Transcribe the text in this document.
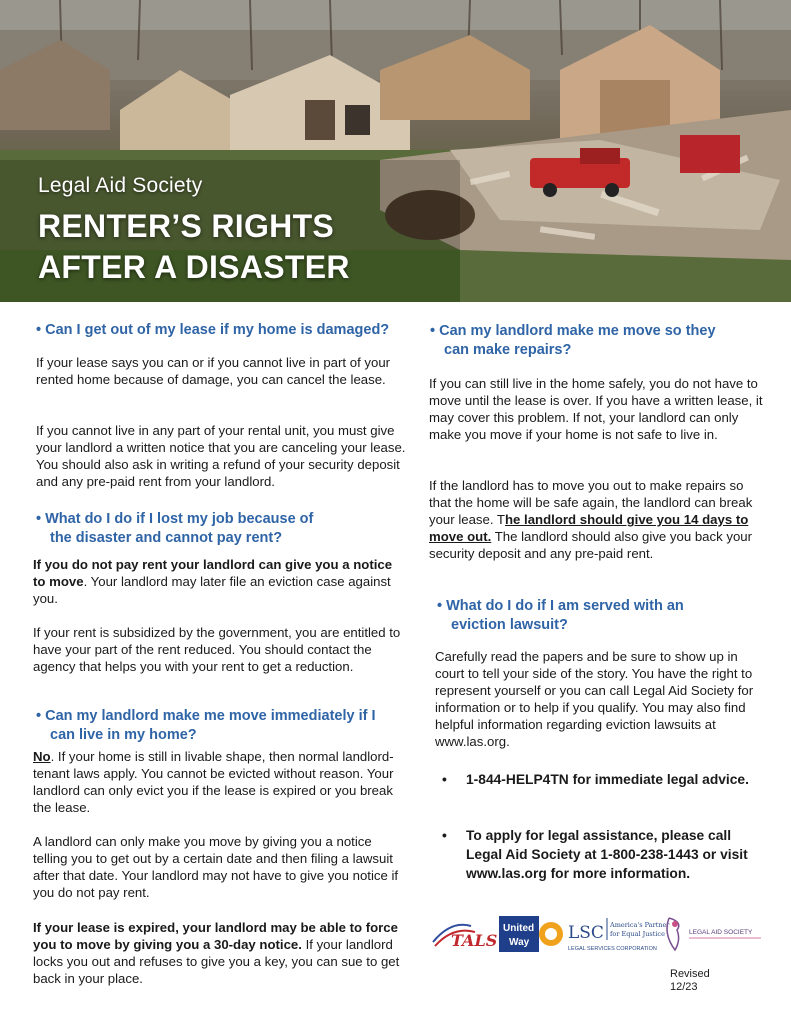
Legal Aid Society
RENTER’S RIGHTS
AFTER A DISASTER
• Can I get out of my lease if my home is damaged?

If your lease says you can or if you cannot live in part of your rented home because of damage, you can cancel the lease.

If you cannot live in any part of your rental unit, you must give your landlord a written notice that you are canceling your lease. You should also ask in writing a refund of your security deposit and any pre-paid rent from your landlord.

• What do I do if I lost my job because of
the disaster and cannot pay rent?

If you do not pay rent your landlord can give you a notice to move. Your landlord may later file an eviction case against you.

If your rent is subsidized by the government, you are entitled to have your part of the rent reduced. You should contact the agency that helps you with your rent to get a reduction.

• Can my landlord make me move immediately if I
can live in my home?

No. If your home is still in livable shape, then normal landlord-tenant laws apply. You cannot be evicted without reason. Your landlord can only evict you if the lease is expired or you break the lease.

A landlord can only make you move by giving you a notice telling you to get out by a certain date and then filing a lawsuit after that date. Your landlord may not have to give you notice if you do not pay rent.

If your lease is expired, your landlord may be able to force you to move by giving you a 30-day notice. If your landlord locks you out and refuses to give you a key, you can sue to get back in your place.

• Can my landlord make me move so they
can make repairs?

If you can still live in the home safely, you do not have to move until the lease is over. If you have a written lease, it may cover this problem. If not, your landlord can only make you move if your home is not safe to live in.

If the landlord has to move you out to make repairs so that the home will be safe again, the landlord can break your lease. The landlord should give you 14 days to move out. The landlord should also give you back your security deposit and any pre-paid rent.

• What do I do if I am served with an
eviction lawsuit?

Carefully read the papers and be sure to show up in court to tell your side of the story. You have the right to represent yourself or you can call Legal Aid Society for information or to help if you qualify. You may also find helpful information regarding eviction lawsuits at www.las.org.

• 1-844-HELP4TN for immediate legal advice.
• To apply for legal assistance, please call Legal Aid Society at 1-800-238-1443 or visit www.las.org for more information.
TALS
United
Way LSC America's Partner
for Equal Justice
LEGAL SERVICES CORPORATION
LEGAL AID SOCIETY
Revised
12/23
